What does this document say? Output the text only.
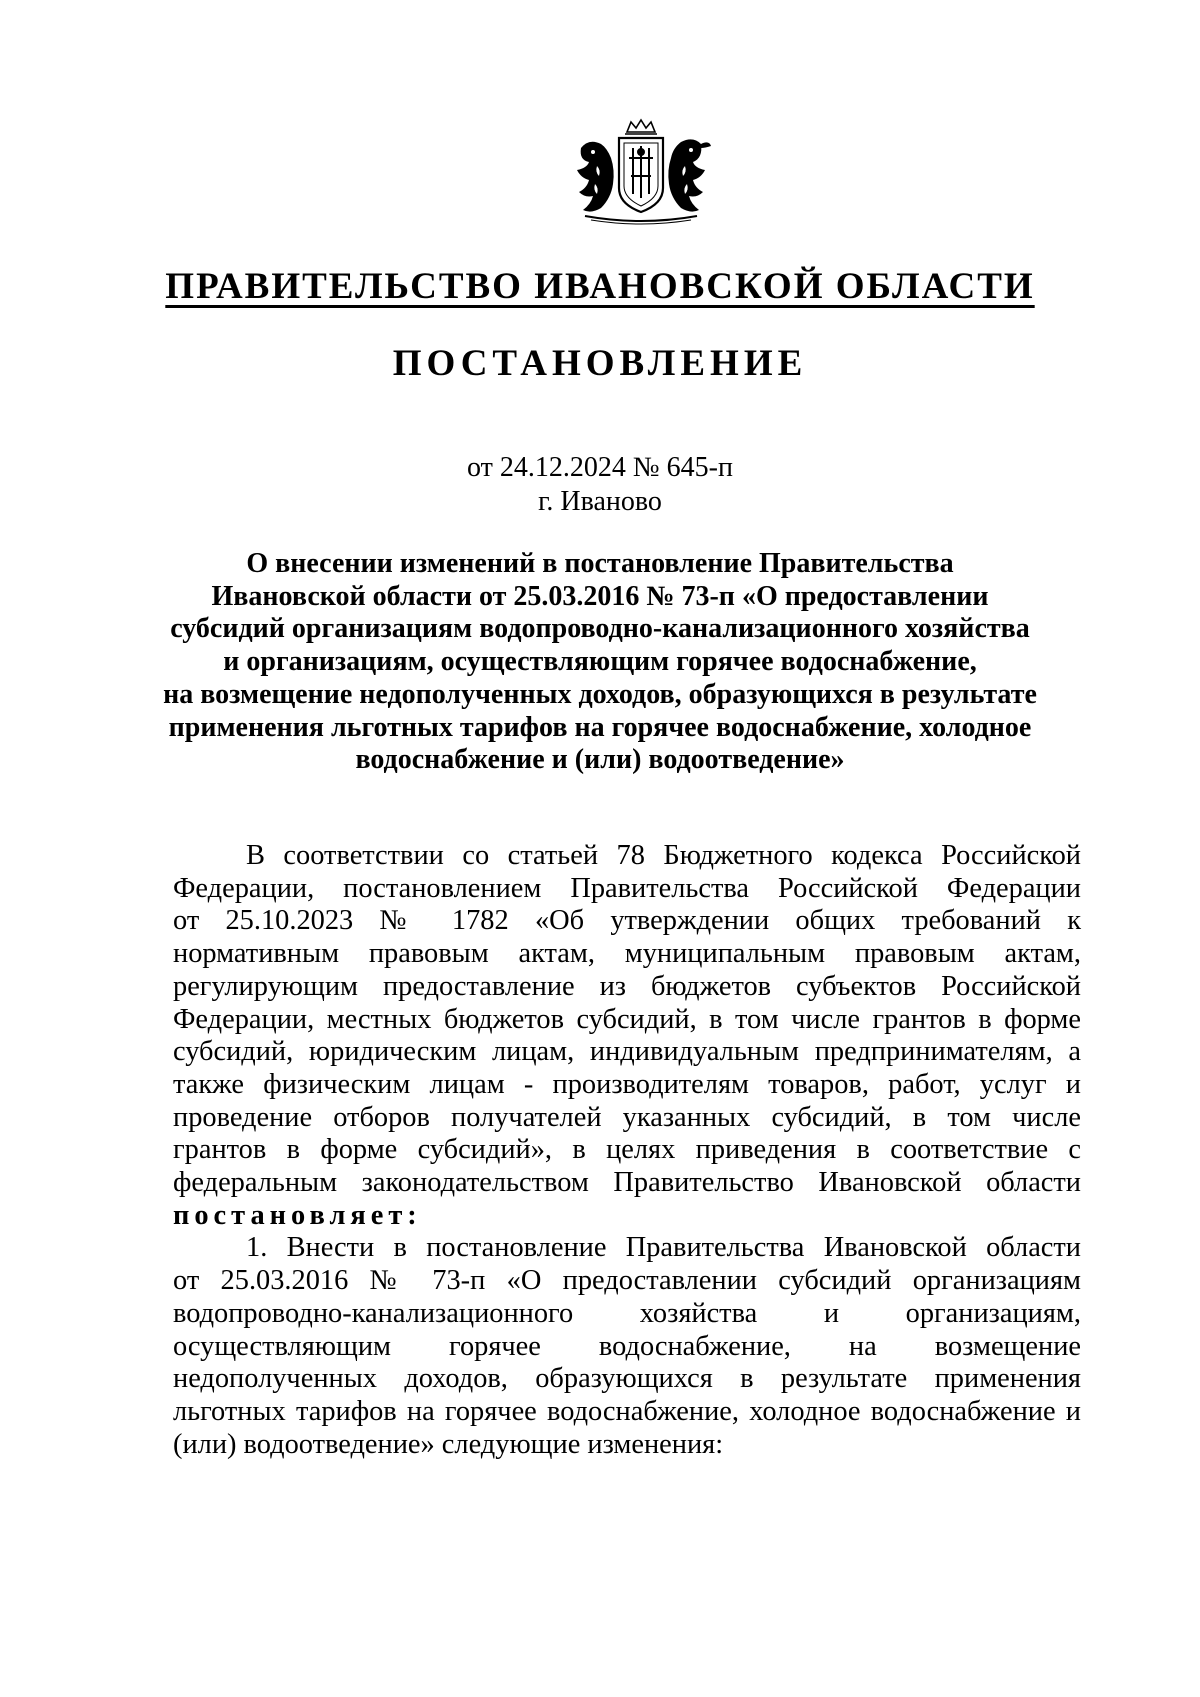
ПРАВИТЕЛЬСТВО ИВАНОВСКОЙ ОБЛАСТИ
ПОСТАНОВЛЕНИЕ
от 24.12.2024 № 645-п
г. Иваново
О внесении изменений в постановление Правительства
Ивановской области от 25.03.2016 № 73-п «О предоставлении
субсидий организациям водопроводно-канализационного хозяйства
и организациям, осуществляющим горячее водоснабжение,
на возмещение недополученных доходов, образующихся в результате
применения льготных тарифов на горячее водоснабжение, холодное
водоснабжение и (или) водоотведение»
В соответствии со статьей 78 Бюджетного кодекса Российской
Федерации, постановлением Правительства Российской Федерации
от 25.10.2023 № 1782 «Об утверждении общих требований к
нормативным правовым актам, муниципальным правовым актам,
регулирующим предоставление из бюджетов субъектов Российской
Федерации, местных бюджетов субсидий, в том числе грантов в форме
субсидий, юридическим лицам, индивидуальным предпринимателям, а
также физическим лицам - производителям товаров, работ, услуг и
проведение отборов получателей указанных субсидий, в том числе
грантов в форме субсидий», в целях приведения в соответствие с
федеральным законодательством Правительство Ивановской области
постановляет:
1. Внести в постановление Правительства Ивановской области
от 25.03.2016 № 73-п «О предоставлении субсидий организациям
водопроводно-канализационного хозяйства и организациям,
осуществляющим горячее водоснабжение, на возмещение
недополученных доходов, образующихся в результате применения
льготных тарифов на горячее водоснабжение, холодное водоснабжение и
(или) водоотведение» следующие изменения:
